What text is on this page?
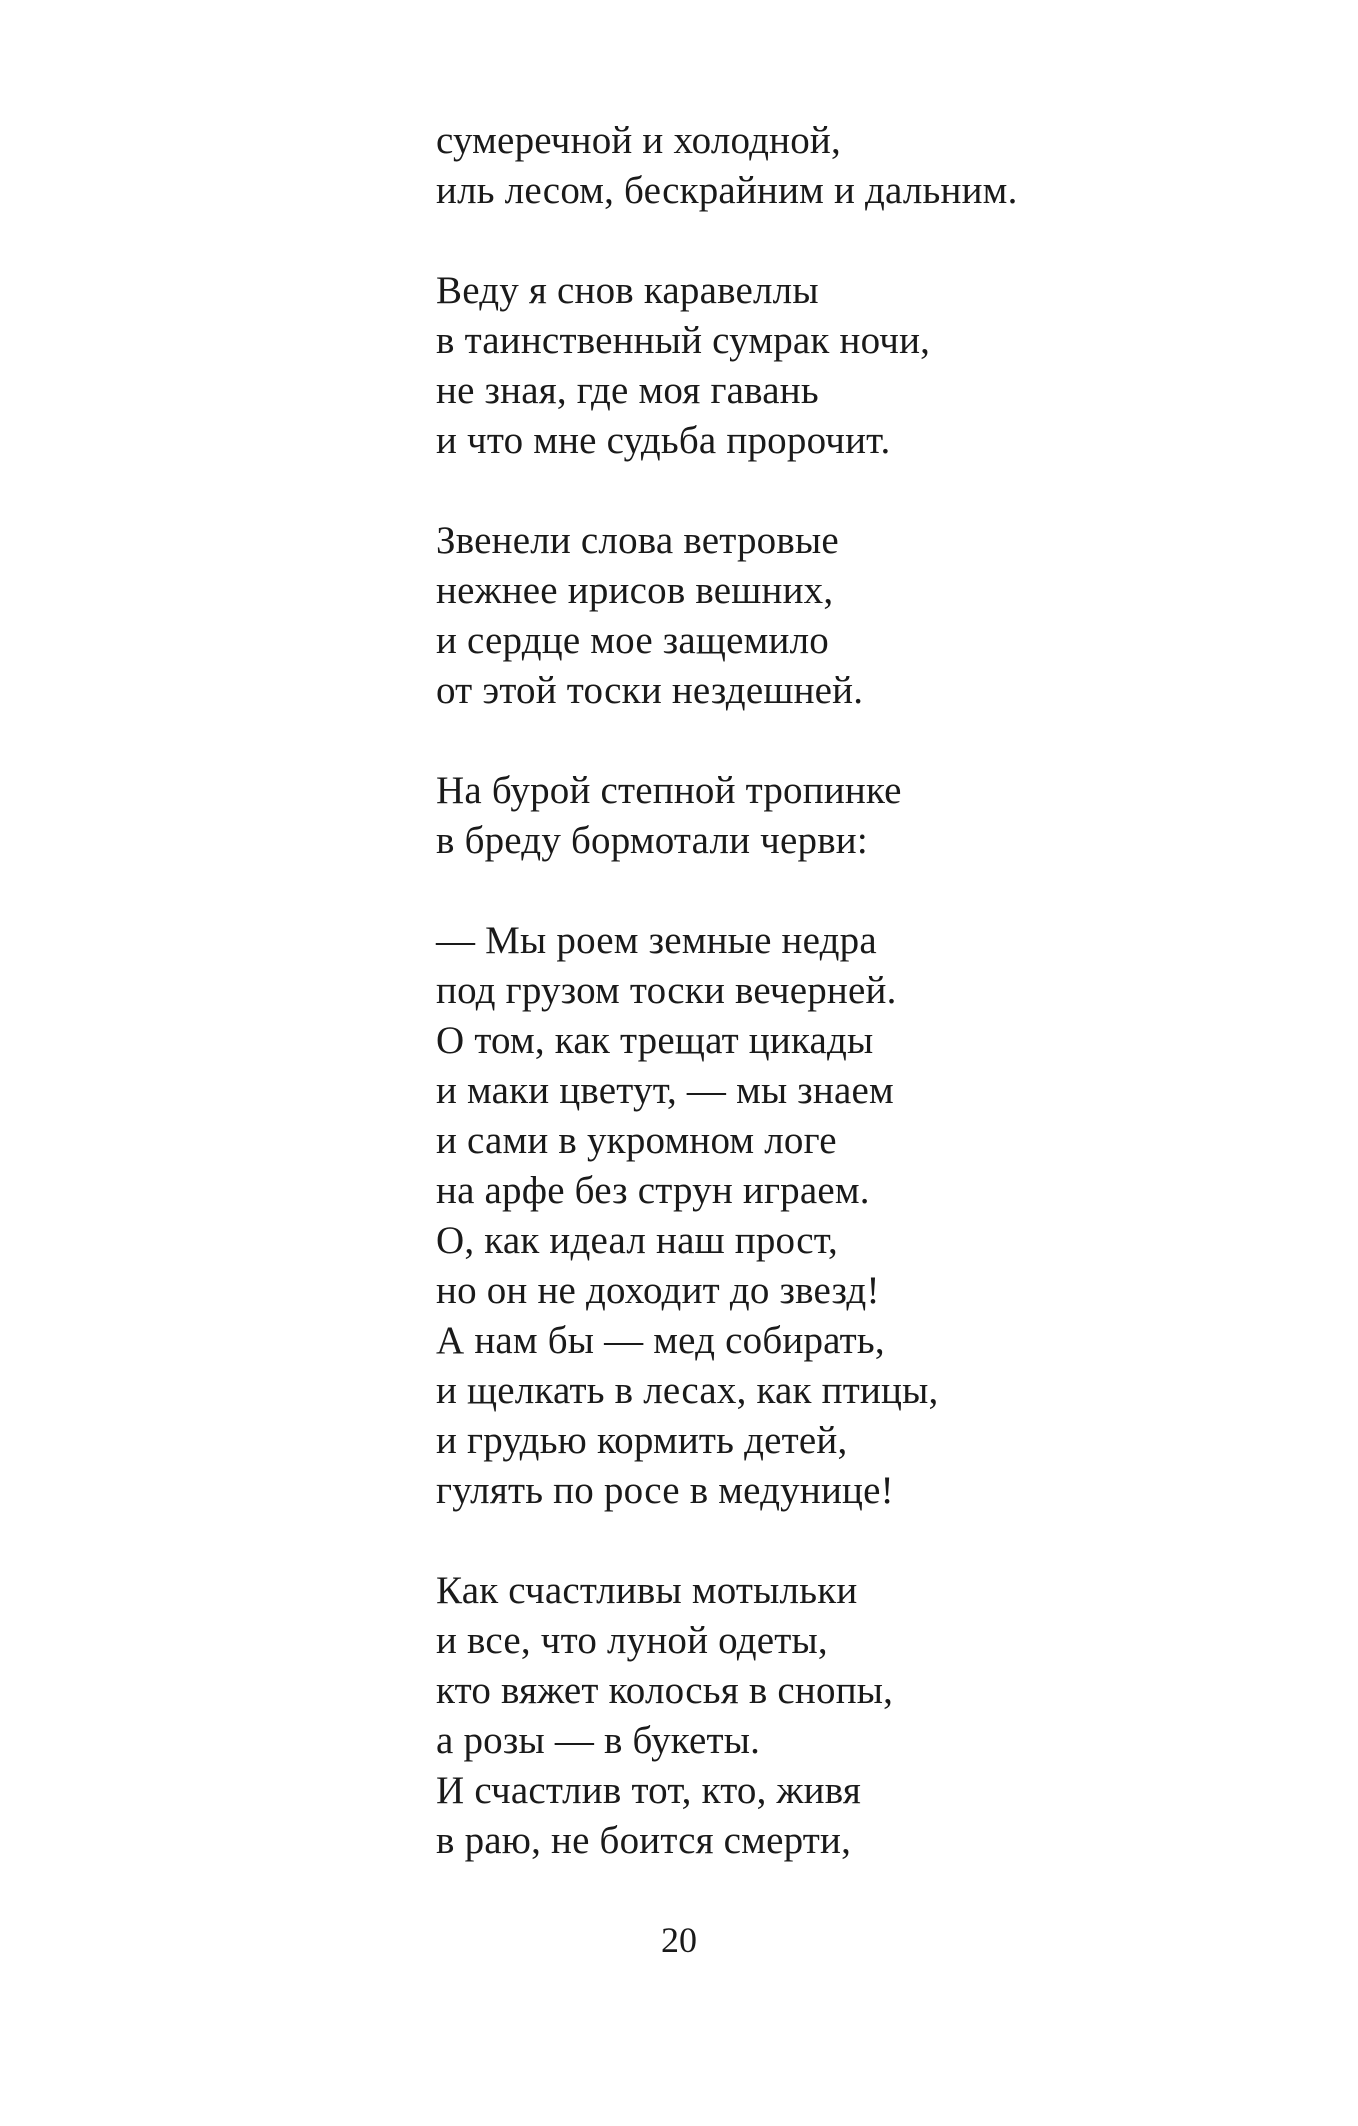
сумеречной и холодной,
иль лесом, бескрайним и дальним.
Веду я снов каравеллы
в таинственный сумрак ночи,
не зная, где моя гавань
и что мне судьба пророчит.
Звенели слова ветровые
нежнее ирисов вешних,
и сердце мое защемило
от этой тоски нездешней.
На бурой степной тропинке
в бреду бормотали черви:
— Мы роем земные недра
под грузом тоски вечерней.
О том, как трещат цикады
и маки цветут, — мы знаем
и сами в укромном логе
на арфе без струн играем.
О, как идеал наш прост,
но он не доходит до звезд!
А нам бы — мед собирать,
и щелкать в лесах, как птицы,
и грудью кормить детей,
гулять по росе в медунице!
Как счастливы мотыльки
и все, что луной одеты,
кто вяжет колосья в снопы,
а розы — в букеты.
И счастлив тот, кто, живя
в раю, не боится смерти,
20
